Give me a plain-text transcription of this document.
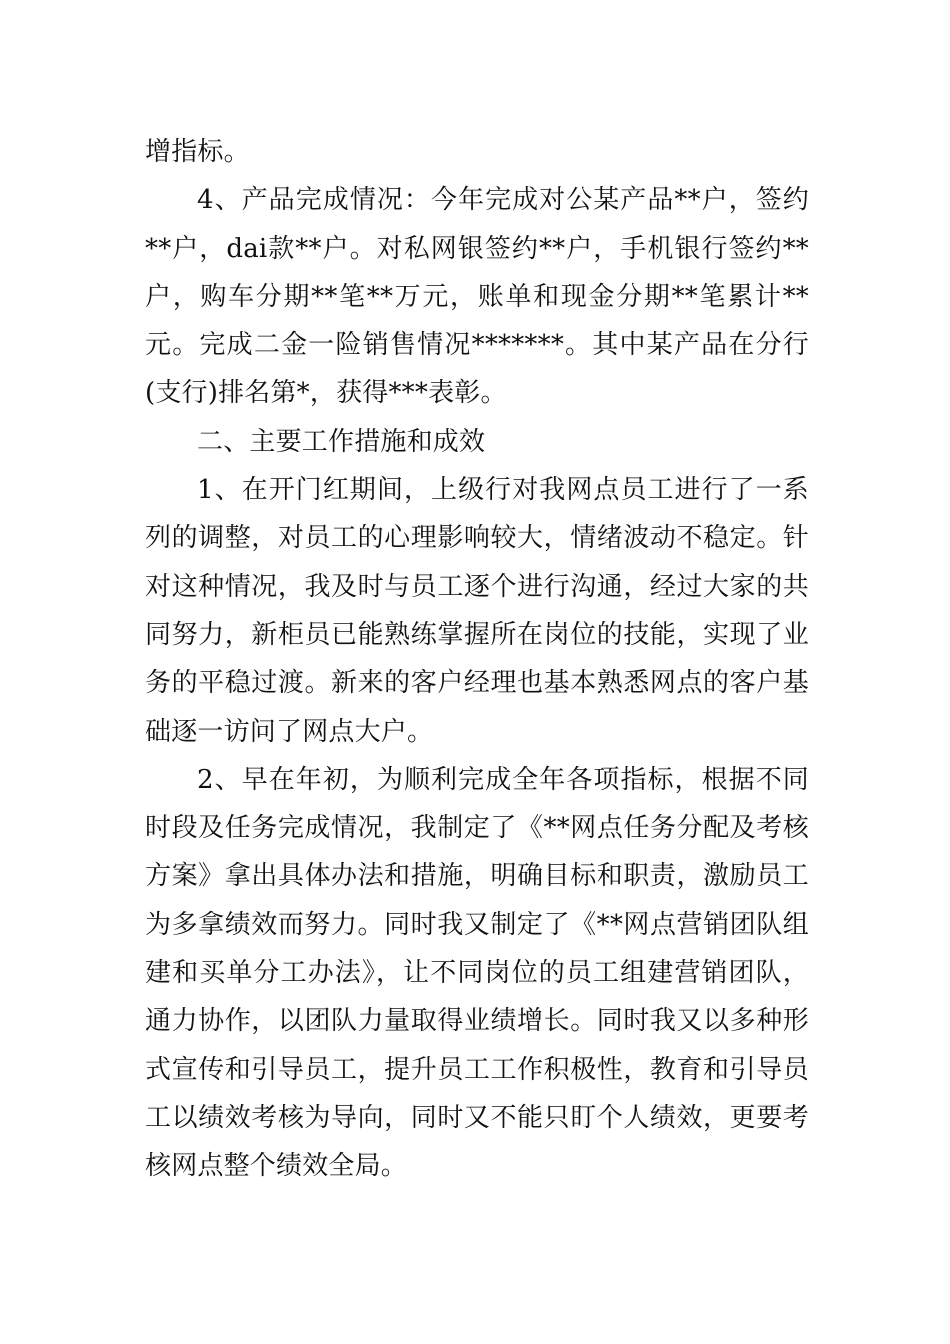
增指标。

4、产品完成情况：今年完成对公某产品**户，签约**户，dai款**户。对私网银签约**户，手机银行签约**户，购车分期**笔**万元，账单和现金分期**笔累计**元。完成二金一险销售情况*******。其中某产品在分行(支行)排名第*，获得***表彰。

二、主要工作措施和成效

1、在开门红期间，上级行对我网点员工进行了一系列的调整，对员工的心理影响较大，情绪波动不稳定。针对这种情况，我及时与员工逐个进行沟通，经过大家的共同努力，新柜员已能熟练掌握所在岗位的技能，实现了业务的平稳过渡。新来的客户经理也基本熟悉网点的客户基础逐一访问了网点大户。

2、早在年初，为顺利完成全年各项指标，根据不同时段及任务完成情况，我制定了《**网点任务分配及考核方案》拿出具体办法和措施，明确目标和职责，激励员工为多拿绩效而努力。同时我又制定了《**网点营销团队组建和买单分工办法》，让不同岗位的员工组建营销团队，通力协作，以团队力量取得业绩增长。同时我又以多种形式宣传和引导员工，提升员工工作积极性，教育和引导员工以绩效考核为导向，同时又不能只盯个人绩效，更要考核网点整个绩效全局。
